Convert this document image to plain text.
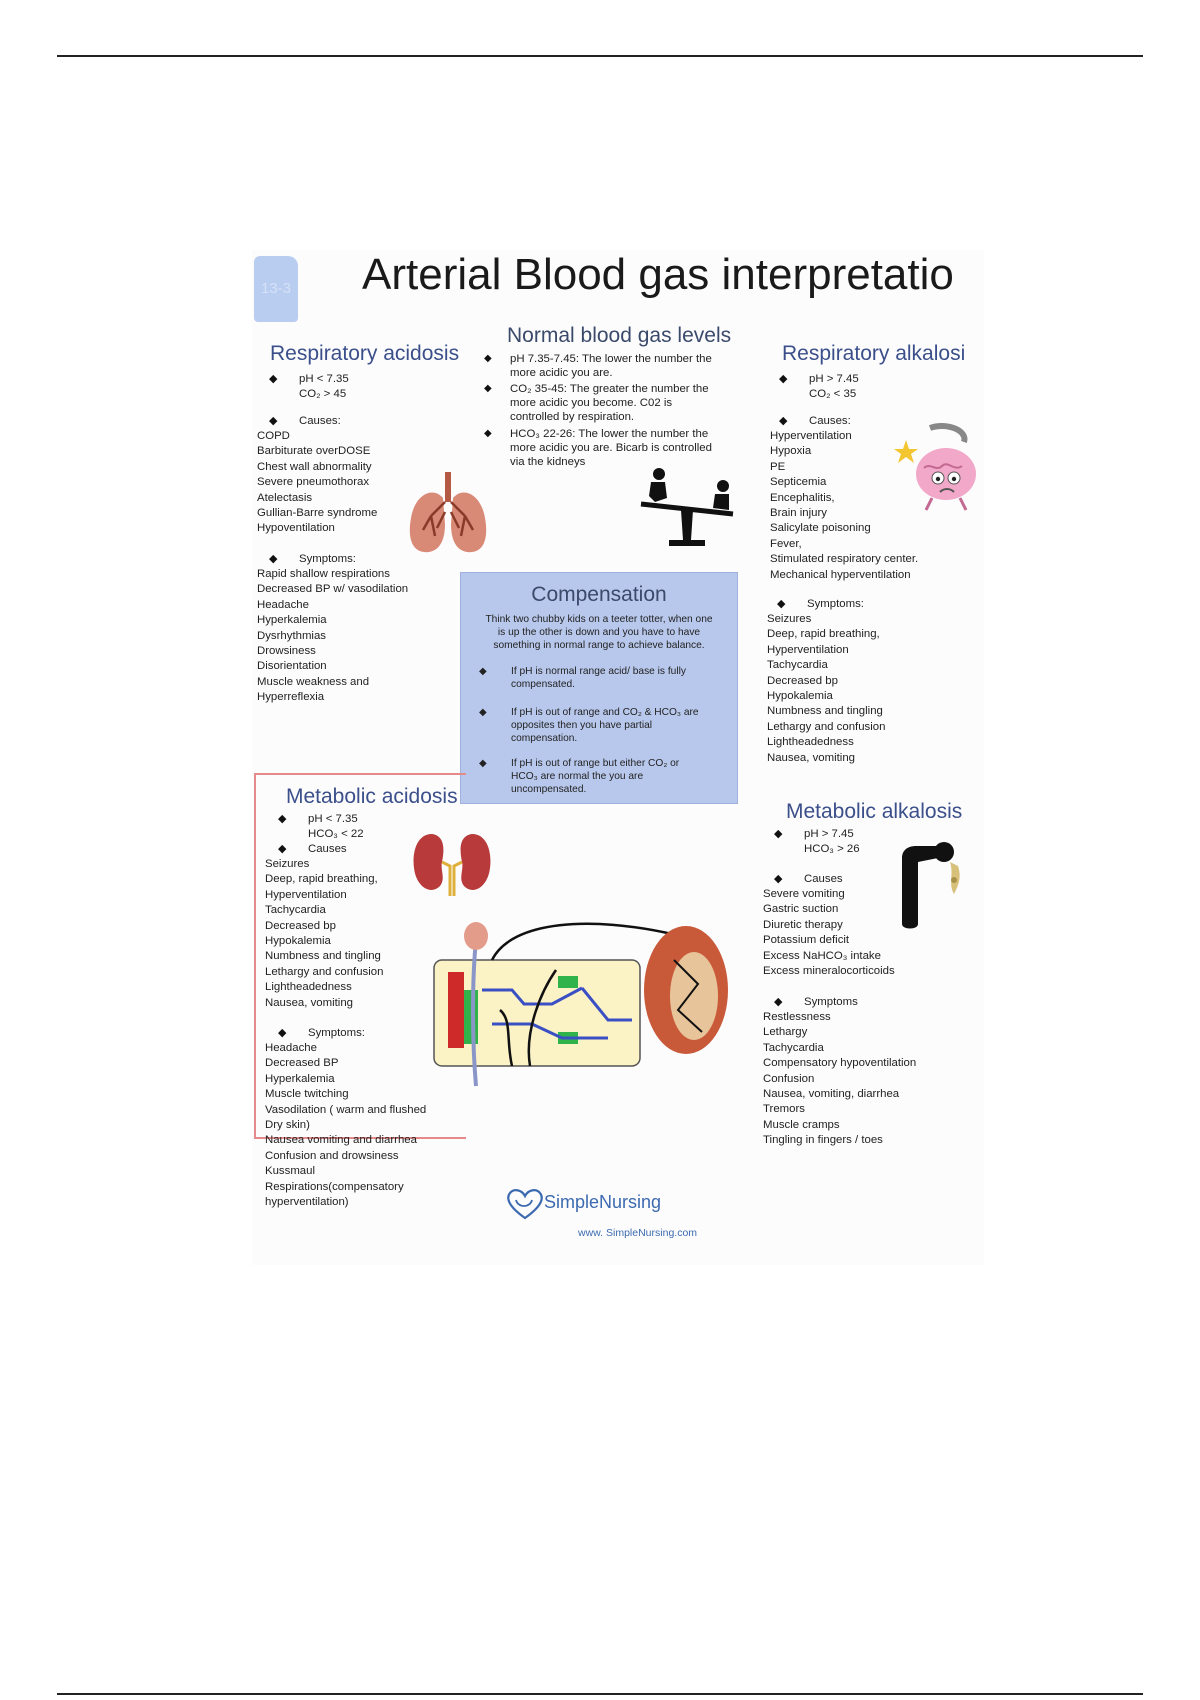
13-3 Arterial Blood gas interpretatio
Respiratory acidosis
◆ pH < 7.35
CO₂ > 45
◆ Causes:
COPD
Barbiturate overDOSE
Chest wall abnormality
Severe pneumothorax
Atelectasis
Gullian-Barre syndrome
Hypoventilation
◆ Symptoms:
Rapid shallow respirations
Decreased BP w/ vasodilation
Headache
Hyperkalemia
Dysrhythmias
Drowsiness
Disorientation
Muscle weakness and
Hyperreflexia
Normal blood gas levels
◆ pH 7.35-7.45: The lower the number the
more acidic you are.
◆ CO₂ 35-45: The greater the number the
more acidic you become. C02 is
controlled by respiration.
◆ HCO₃ 22-26: The lower the number the
more acidic you are. Bicarb is controlled
via the kidneys
Respiratory alkalosi
◆ pH > 7.45
CO₂ < 35
◆ Causes:
Hyperventilation
Hypoxia
PE
Septicemia
Encephalitis,
Brain injury
Salicylate poisoning
Fever,
Stimulated respiratory center.
Mechanical hyperventilation
◆ Symptoms:
Seizures
Deep, rapid breathing,
Hyperventilation
Tachycardia
Decreased bp
Hypokalemia
Numbness and tingling
Lethargy and confusion
Lightheadedness
Nausea, vomiting
Compensation
Think two chubby kids on a teeter totter, when one
is up the other is down and you have to have
something in normal range to achieve balance.
◆ If pH is normal range acid/ base is fully
compensated.
◆ If pH is out of range and CO₂ & HCO₃ are
opposites then you have partial
compensation.
◆ If pH is out of range but either CO₂ or
HCO₃ are normal the you are
uncompensated.
Metabolic acidosis
◆ pH < 7.35
HCO₃ < 22
◆ Causes
Seizures
Deep, rapid breathing,
Hyperventilation
Tachycardia
Decreased bp
Hypokalemia
Numbness and tingling
Lethargy and confusion
Lightheadedness
Nausea, vomiting
◆ Symptoms:
Headache
Decreased BP
Hyperkalemia
Muscle twitching
Vasodilation ( warm and flushed
Dry skin)
Nausea vomiting and diarrhea
Confusion and drowsiness
Kussmaul
Respirations(compensatory
hyperventilation)
Metabolic alkalosis
◆ pH > 7.45
HCO₃ > 26
◆ Causes
Severe vomiting
Gastric suction
Diuretic therapy
Potassium deficit
Excess NaHCO₃ intake
Excess mineralocorticoids
◆ Symptoms
Restlessness
Lethargy
Tachycardia
Compensatory hypoventilation
Confusion
Nausea, vomiting, diarrhea
Tremors
Muscle cramps
Tingling in fingers / toes
SimpleNursing
www. SimpleNursing.com
